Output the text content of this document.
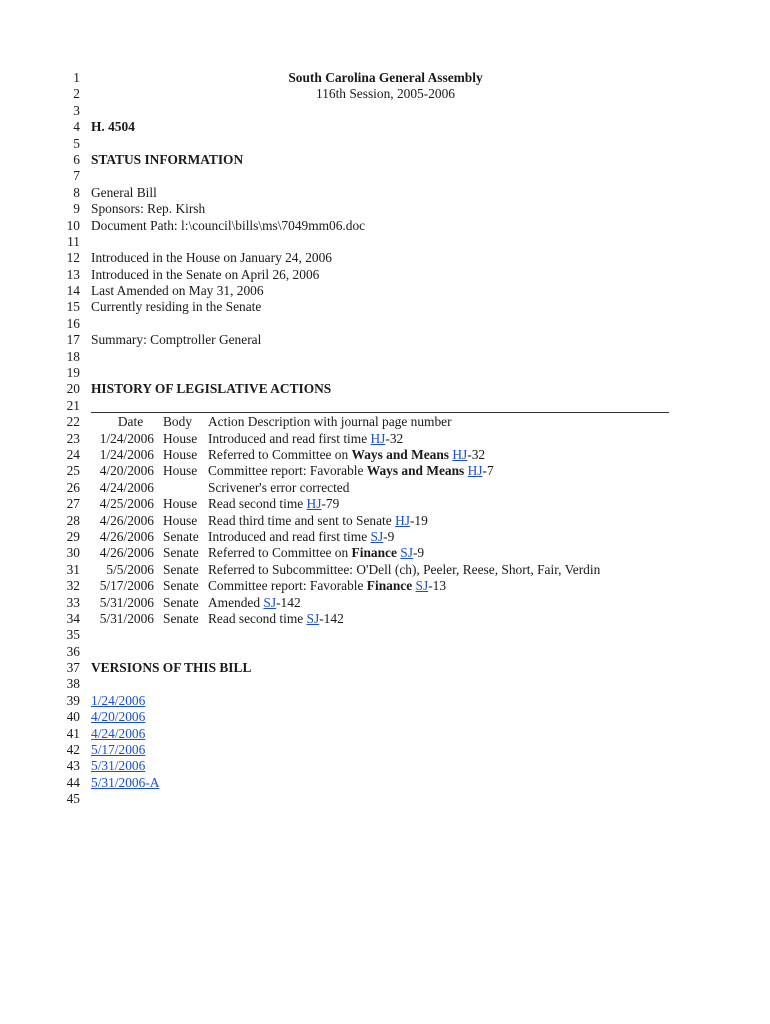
1	South Carolina General Assembly
2	116th Session, 2005-2006
3
4 H. 4504
5
6 STATUS INFORMATION
7
8 General Bill
9 Sponsors: Rep. Kirsh
10 Document Path: l:\council\bills\ms\7049mm06.doc
11
12 Introduced in the House on January 24, 2006
13 Introduced in the Senate on April 26, 2006
14 Last Amended on May 31, 2006
15 Currently residing in the Senate
16
17 Summary: Comptroller General
18
19
20 HISTORY OF LEGISLATIVE ACTIONS
21
22	Date	Body	Action Description with journal page number
23	1/24/2006 House Introduced and read first time HJ-32
24	1/24/2006 House Referred to Committee on Ways and Means HJ-32
25	4/20/2006 House Committee report: Favorable Ways and Means HJ-7
26	4/24/2006	Scrivener's error corrected
27	4/25/2006 House Read second time HJ-79
28	4/26/2006 House Read third time and sent to Senate HJ-19
29	4/26/2006 Senate Introduced and read first time SJ-9
30	4/26/2006 Senate Referred to Committee on Finance SJ-9
31	5/5/2006 Senate Referred to Subcommittee: O'Dell (ch), Peeler, Reese, Short, Fair, Verdin
32	5/17/2006 Senate Committee report: Favorable Finance SJ-13
33	5/31/2006 Senate Amended SJ-142
34	5/31/2006 Senate Read second time SJ-142
35
36
37 VERSIONS OF THIS BILL
38
39 1/24/2006
40 4/20/2006
41 4/24/2006
42 5/17/2006
43 5/31/2006
44 5/31/2006-A
45
